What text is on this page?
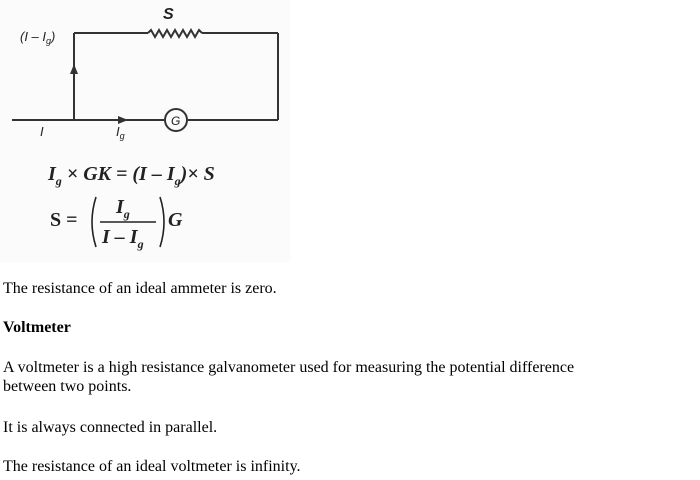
S
$(I - I_g)$
I	$I_g$
G
$I_g$ × GK = $(I - I_g)\times S$
S =
$I_g$
I – $I_g$
G

The resistance of an ideal ammeter is zero.

Voltmeter

A voltmeter is a high resistance galvanometer used for measuring the potential difference
between two points.

It is always connected in parallel.

The resistance of an ideal voltmeter is infinity.
